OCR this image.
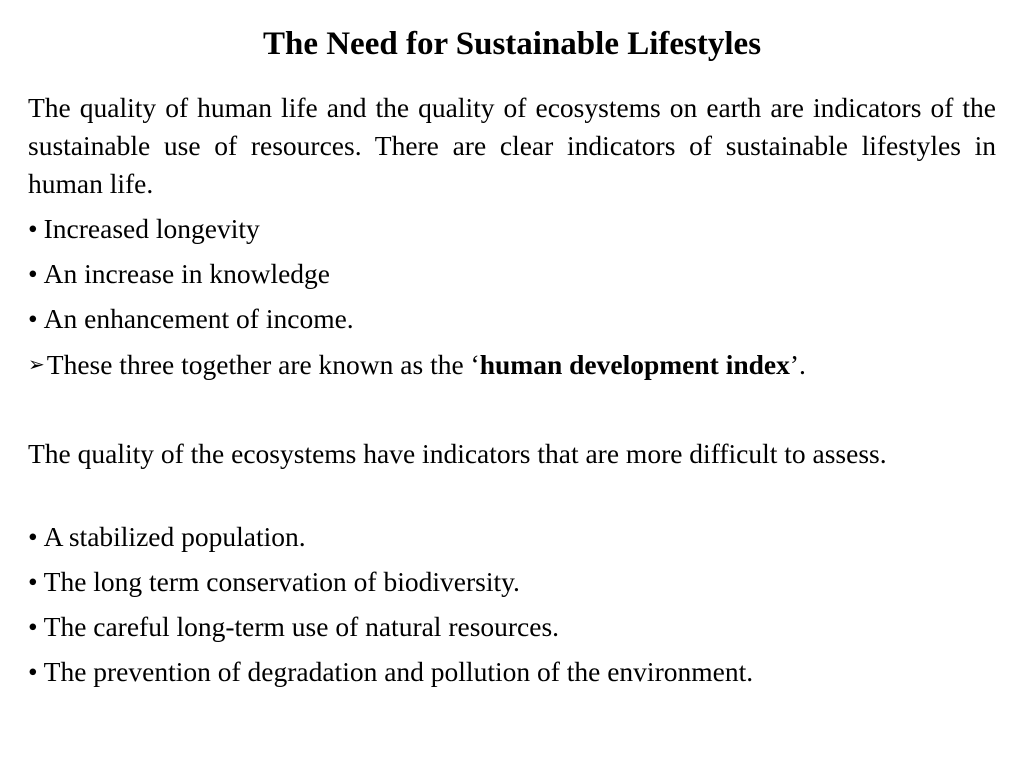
The Need for Sustainable Lifestyles

The quality of human life and the quality of ecosystems on earth are indicators of the sustainable use of resources. There are clear indicators of sustainable lifestyles in human life.

• Increased longevity
• An increase in knowledge
• An enhancement of income.
➢These three together are known as the ‘human development index’.

The quality of the ecosystems have indicators that are more difficult to assess.

• A stabilized population.
• The long term conservation of biodiversity.
• The careful long-term use of natural resources.
• The prevention of degradation and pollution of the environment.
